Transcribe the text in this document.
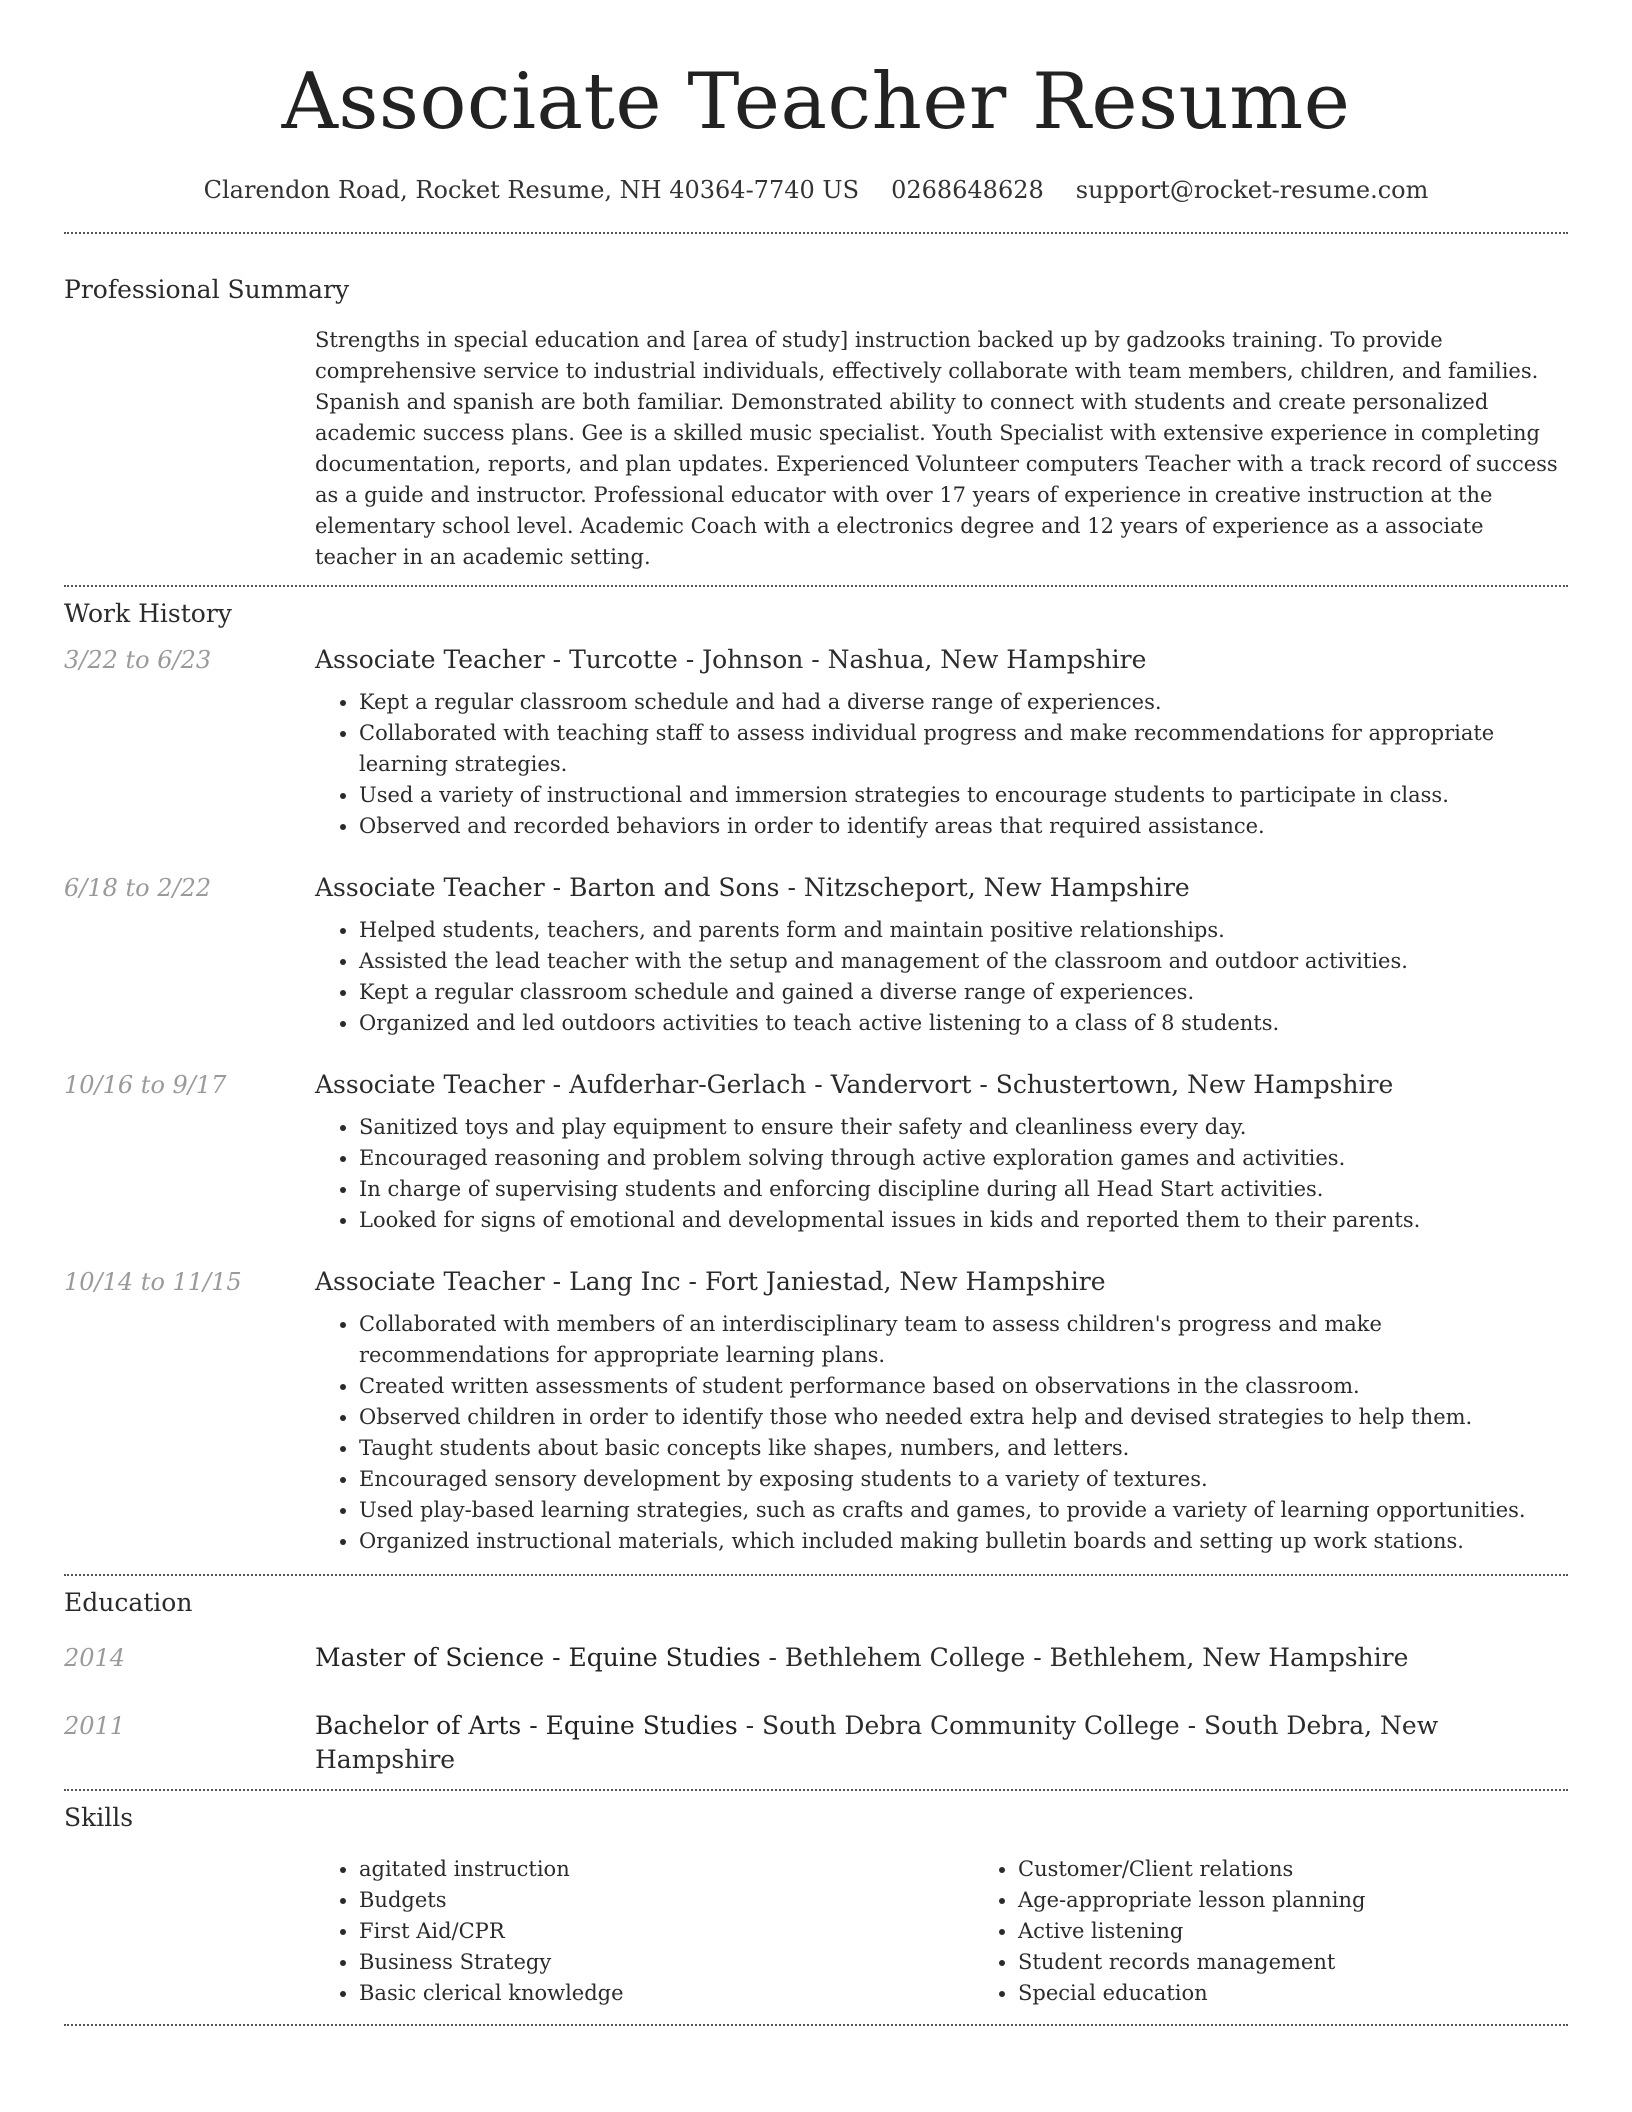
Associate Teacher Resume
Clarendon Road, Rocket Resume, NH 40364-7740 US 0268648628 support@rocket-resume.com
Professional Summary

Strengths in special education and [area of study] instruction backed up by gadzooks training. To provide comprehensive service to industrial individuals, effectively collaborate with team members, children, and families. Spanish and spanish are both familiar. Demonstrated ability to connect with students and create personalized academic success plans. Gee is a skilled music specialist. Youth Specialist with extensive experience in completing documentation, reports, and plan updates. Experienced Volunteer computers Teacher with a track record of success as a guide and instructor. Professional educator with over 17 years of experience in creative instruction at the elementary school level. Academic Coach with a electronics degree and 12 years of experience as a associate teacher in an academic setting.

Work History
3/22 to 6/23	Associate Teacher - Turcotte - Johnson - Nashua, New Hampshire
• Kept a regular classroom schedule and had a diverse range of experiences.
• Collaborated with teaching staff to assess individual progress and make recommendations for appropriate learning strategies.
• Used a variety of instructional and immersion strategies to encourage students to participate in class.
• Observed and recorded behaviors in order to identify areas that required assistance.
6/18 to 2/22	Associate Teacher - Barton and Sons - Nitzscheport, New Hampshire
• Helped students, teachers, and parents form and maintain positive relationships.
• Assisted the lead teacher with the setup and management of the classroom and outdoor activities.
• Kept a regular classroom schedule and gained a diverse range of experiences.
• Organized and led outdoors activities to teach active listening to a class of 8 students.
10/16 to 9/17	Associate Teacher - Aufderhar-Gerlach - Vandervort - Schustertown, New Hampshire
• Sanitized toys and play equipment to ensure their safety and cleanliness every day.
• Encouraged reasoning and problem solving through active exploration games and activities.
• In charge of supervising students and enforcing discipline during all Head Start activities.
• Looked for signs of emotional and developmental issues in kids and reported them to their parents.
10/14 to 11/15	Associate Teacher - Lang Inc - Fort Janiestad, New Hampshire
• Collaborated with members of an interdisciplinary team to assess children's progress and make recommendations for appropriate learning plans.
• Created written assessments of student performance based on observations in the classroom.
• Observed children in order to identify those who needed extra help and devised strategies to help them.
• Taught students about basic concepts like shapes, numbers, and letters.
• Encouraged sensory development by exposing students to a variety of textures.
• Used play-based learning strategies, such as crafts and games, to provide a variety of learning opportunities.
• Organized instructional materials, which included making bulletin boards and setting up work stations.
Education
2014	Master of Science - Equine Studies - Bethlehem College - Bethlehem, New Hampshire
2011	Bachelor of Arts - Equine Studies - South Debra Community College - South Debra, New Hampshire
Skills
• agitated instruction
• Budgets
• First Aid/CPR
• Business Strategy
• Basic clerical knowledge
• Customer/Client relations
• Age-appropriate lesson planning
• Active listening
• Student records management
• Special education
